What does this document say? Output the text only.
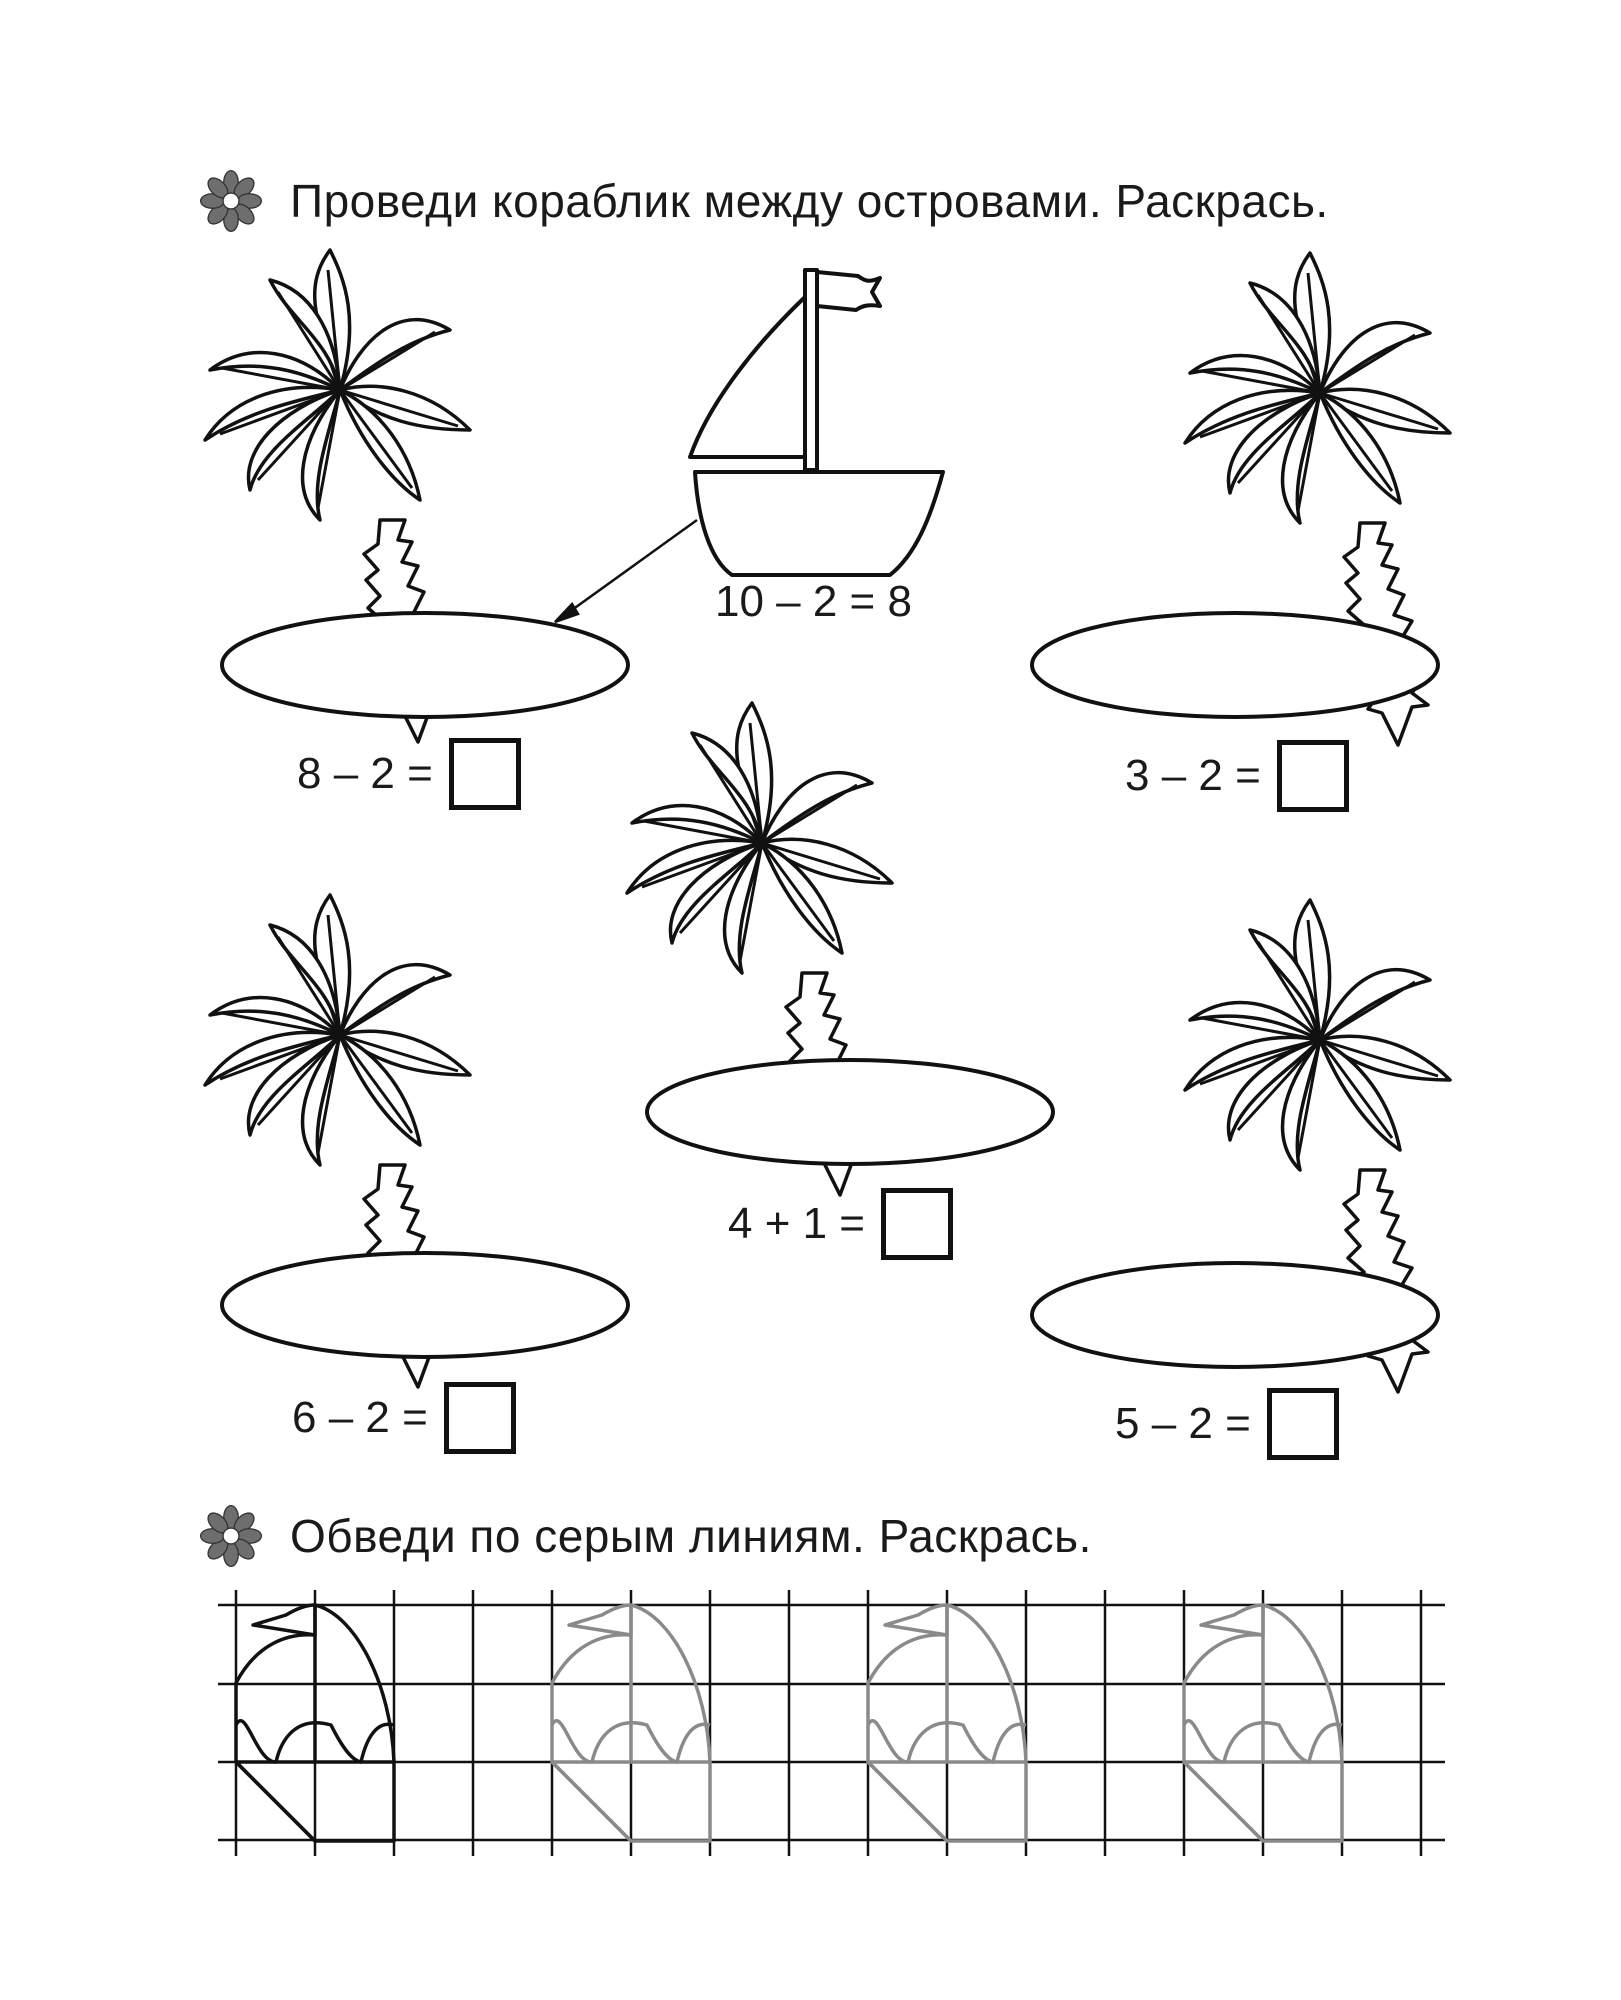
Проведи кораблик между островами. Раскрась.
10 – 2 = 8
8 – 2 =	3 – 2 =
4 + 1 =
6 – 2 =	5 – 2 =
Обведи по серым линиям. Раскрась.
